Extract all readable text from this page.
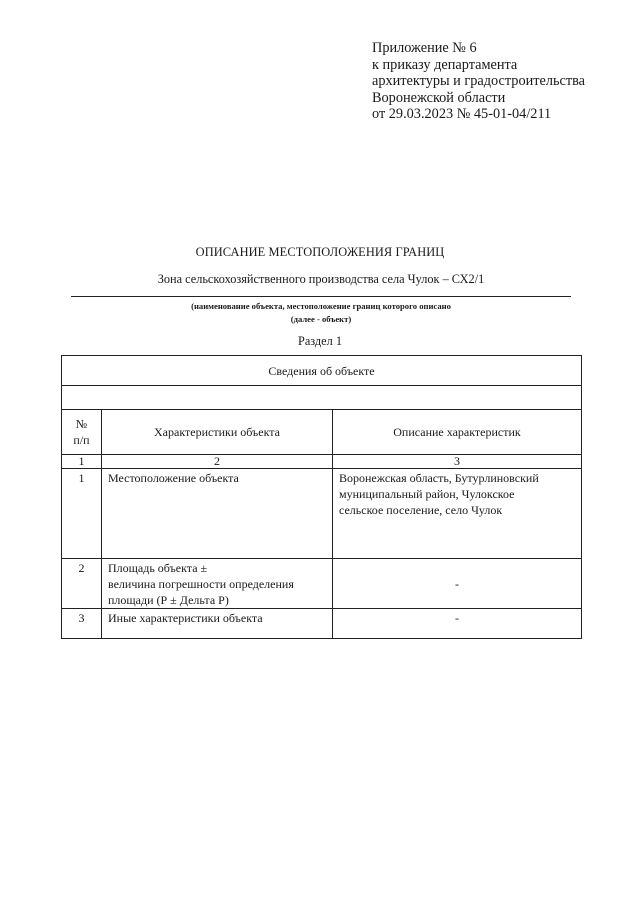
Приложение № 6
к приказу департамента
архитектуры и градостроительства
Воронежской области
от 29.03.2023 № 45-01-04/211
ОПИСАНИЕ МЕСТОПОЛОЖЕНИЯ ГРАНИЦ
Зона сельскохозяйственного производства села Чулок – СХ2/1
(наименование объекта, местоположение границ которого описано
(далее - объект)
Раздел 1
Сведения об объекте		

№
п/п	Характеристики объекта	Описание характеристик
1	2	3
1	Местоположение объекта	Воронежская область, Бутурлиновский
муниципальный район, Чулокское
сельское поселение, село Чулок

2	Площадь объекта ±
величина погрешности определения
площади (Р ± Дельта Р)	-
3	Иные характеристики объекта	-
